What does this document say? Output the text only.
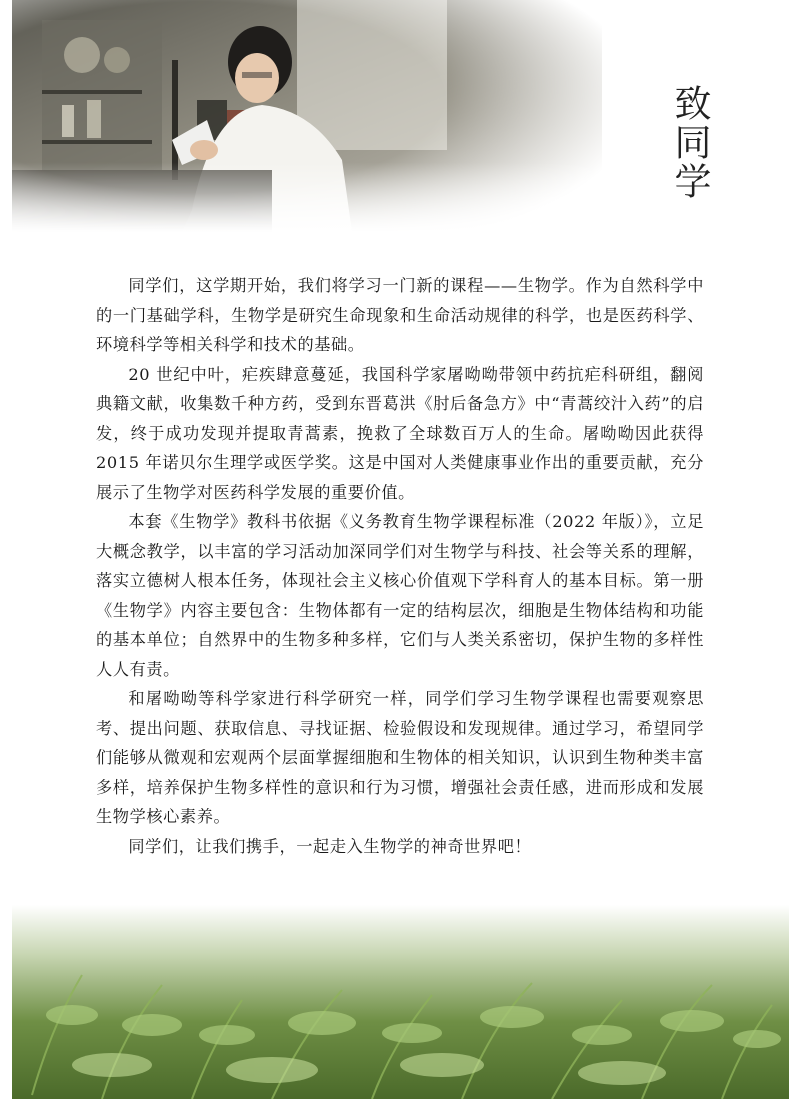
致同学

同学们，这学期开始，我们将学习一门新的课程——生物学。作为自然科学中的一门基础学科，生物学是研究生命现象和生命活动规律的科学，也是医药科学、环境科学等相关科学和技术的基础。

20 世纪中叶，疟疾肆意蔓延，我国科学家屠呦呦带领中药抗疟科研组，翻阅典籍文献，收集数千种方药，受到东晋葛洪《肘后备急方》中“青蒿绞汁入药”的启发，终于成功发现并提取青蒿素，挽救了全球数百万人的生命。屠呦呦因此获得 2015 年诺贝尔生理学或医学奖。这是中国对人类健康事业作出的重要贡献，充分展示了生物学对医药科学发展的重要价值。

本套《生物学》教科书依据《义务教育生物学课程标准（2022 年版）》，立足大概念教学，以丰富的学习活动加深同学们对生物学与科技、社会等关系的理解，落实立德树人根本任务，体现社会主义核心价值观下学科育人的基本目标。第一册《生物学》内容主要包含：生物体都有一定的结构层次，细胞是生物体结构和功能的基本单位；自然界中的生物多种多样，它们与人类关系密切，保护生物的多样性人人有责。

和屠呦呦等科学家进行科学研究一样，同学们学习生物学课程也需要观察思考、提出问题、获取信息、寻找证据、检验假设和发现规律。通过学习，希望同学们能够从微观和宏观两个层面掌握细胞和生物体的相关知识，认识到生物种类丰富多样，培养保护生物多样性的意识和行为习惯，增强社会责任感，进而形成和发展生物学核心素养。

同学们，让我们携手，一起走入生物学的神奇世界吧！
